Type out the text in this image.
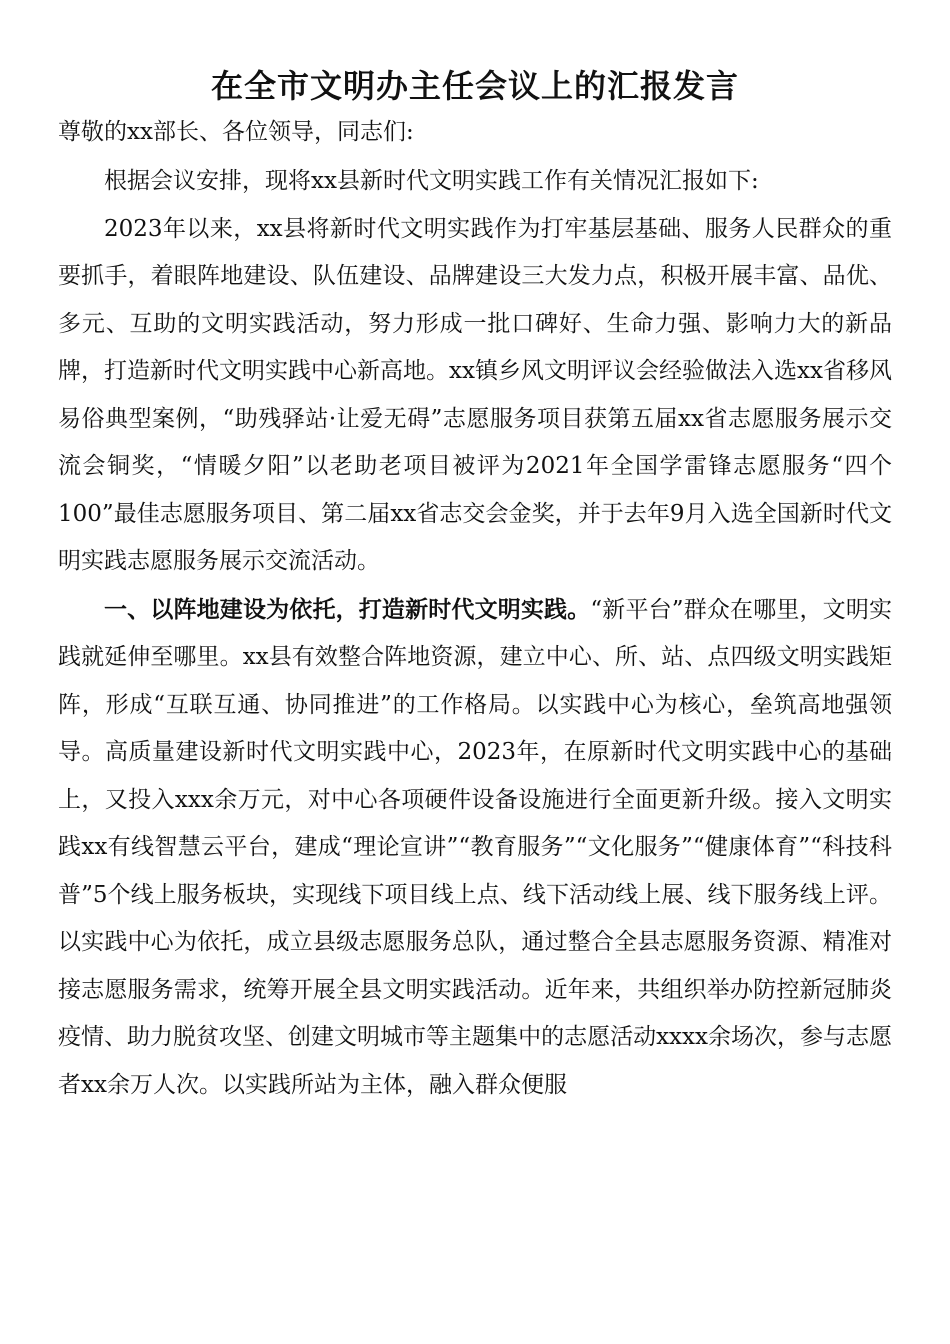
在全市文明办主任会议上的汇报发言

尊敬的xx部长、各位领导，同志们:

根据会议安排，现将xx县新时代文明实践工作有关情况汇报如下:

2023年以来，xx县将新时代文明实践作为打牢基层基础、服务人民群众的重要抓手，着眼阵地建设、队伍建设、品牌建设三大发力点，积极开展丰富、品优、多元、互助的文明实践活动，努力形成一批口碑好、生命力强、影响力大的新品牌，打造新时代文明实践中心新高地。xx镇乡风文明评议会经验做法入选xx省移风易俗典型案例，“助残驿站·让爱无碍”志愿服务项目获第五届xx省志愿服务展示交流会铜奖，“情暖夕阳”以老助老项目被评为2021年全国学雷锋志愿服务“四个100”最佳志愿服务项目、第二届xx省志交会金奖，并于去年9月入选全国新时代文明实践志愿服务展示交流活动。

一、以阵地建设为依托，打造新时代文明实践。“新平台”群众在哪里，文明实践就延伸至哪里。xx县有效整合阵地资源，建立中心、所、站、点四级文明实践矩阵，形成“互联互通、协同推进”的工作格局。以实践中心为核心，垒筑高地强领导。高质量建设新时代文明实践中心，2023年，在原新时代文明实践中心的基础上，又投入xxx余万元，对中心各项硬件设备设施进行全面更新升级。接入文明实践xx有线智慧云平台，建成“理论宣讲”“教育服务”“文化服务”“健康体育”“科技科普”5个线上服务板块，实现线下项目线上点、线下活动线上展、线下服务线上评。以实践中心为依托，成立县级志愿服务总队，通过整合全县志愿服务资源、精准对接志愿服务需求，统筹开展全县文明实践活动。近年来，共组织举办防控新冠肺炎疫情、助力脱贫攻坚、创建文明城市等主题集中的志愿活动xxxx余场次，参与志愿者xx余万人次。以实践所站为主体，融入群众便服
